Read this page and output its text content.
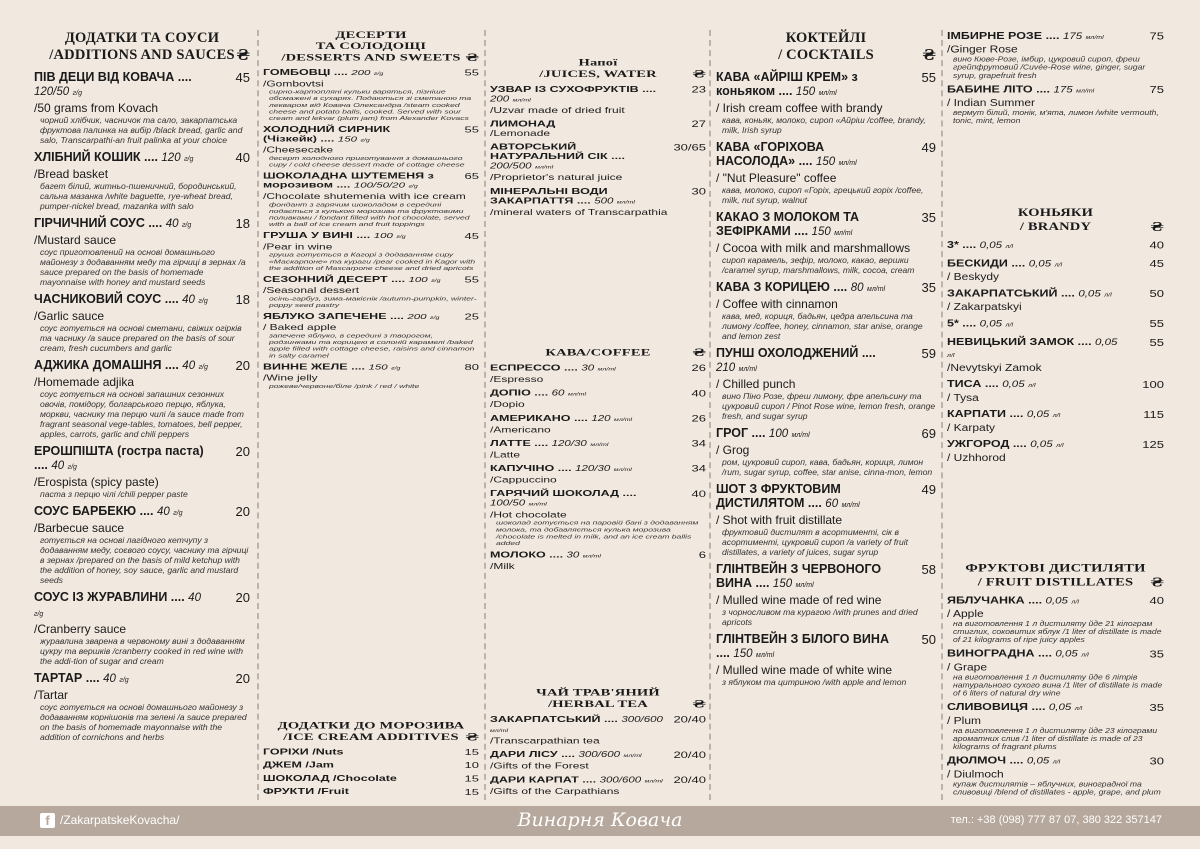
ДОДАТКИ ТА СОУСИ
/ADDITIONS AND SAUCES ₴
ПІВ ДЕЦИ ВІД КОВАЧА .... 120/50 г/g
45
/50 grams from Kovach
чорний хлібчик, часничок та сало, закарпатська фруктова палинка на вибір /black bread, garlic and salo, Transcarpathi-an fruit palinka at your choice
ХЛІБНИЙ КОШИК .... 120 г/g	40
/Bread basket
багет білий, житньо-пшеничний, бородинський, сальна мазанка /white baguette, rye-wheat bread, pumper-nickel bread, mazanka with salo
ГІРЧИЧНИЙ СОУС .... 40 г/g	18
/Mustard sauce
соус приготовлений на основі домашнього майонезу з додаванням меду та гірчиці в зернах /a sauce prepared on the basis of homemade mayonnaise with honey and mustard seeds
ЧАСНИКОВИЙ СОУС .... 40 г/g	18
/Garlic sauce
соус готується на основі сметани, свіжих огірків та часнику /a sauce prepared on the basis of sour cream, fresh cucumbers and garlic
АДЖИКА ДОМАШНЯ .... 40 г/g	20
/Homemade adjika
соус готується на основі запашних сезонних овочів, помідору, болгарського перцю, яблука, моркви, часнику та перцю чилі /a sauce made from fragrant seasonal vege-tables, tomatoes, bell pepper, apples, carrots, garlic and chili peppers
ЕРОШПІШТА (гостра паста) .... 40 г/g
20
/Erospista (spicy paste)
паста з перцю чілі /chili pepper paste
СОУС БАРБЕКЮ .... 40 г/g	20
/Barbecue sauce
готується на основі лагідного кетчупу з додаванням меду, соєвого соусу, часнику та гірчиці в зернах /prepared on the basis of mild ketchup with the addition of honey, soy sauce, garlic and mustard seeds
СОУС ІЗ ЖУРАВЛИНИ .... 40 г/g
20
/Cranberry sauce
журавлина зварена в червоному вині з додаванням цукру та вершків /cranberry cooked in red wine with the addi-tion of sugar and cream
ТАРТАР .... 40 г/g	20
/Tartar
соус готується на основі домашнього майонезу з додаванням корнішонів та зелені /a sauce prepared on the basis of homemade mayonnaise with the addition of cornichons and herbs
ДЕСЕРТИ
ТА СОЛОДОЩІ
/DESSERTS AND SWEETS ₴
ГОМБОВЦІ .... 200 г/g	55
/Gombovtsi
сирно-картопляні кульки варяться, пізніше обсмажені в сухарях. Подаються зі сметаною та лекваром від Ковача Олександра /steam cooked cheese and potato balls, cooked. Served with sour cream and lekvar (plum jam) from Alexander Kovacs
ХОЛОДНИЙ СИРНИК (Чізкейк) .... 150 г/g
55
/Cheesecake
десерт холодного приготування з домашнього сиру / cold cheese dessert made of cottage cheese
ШОКОЛАДНА ШУТЕМЕНЯ з морозивом .... 100/50/20 г/g
65
/Chocolate shutemenia with ice cream
фондант з гарячим шоколадом в середині подається з кулькою морозива та фруктовими поливками / fondant filled with hot chocolate, served with a ball of ice cream and fruit toppings
ГРУША У ВИНІ .... 100 г/g	45
/Pear in wine
груша готується в Кагорі з додаванням сиру «Маскарпоне» та кураги /pear cooked in Kagor with the addition of Mascarpone cheese and dried apricots
СЕЗОННИЙ ДЕСЕРТ .... 100 г/g	55
/Seasonal dessert
осінь-гарбуз, зима-макієнік /autumn-pumpkin, winter-poppy seed pastry
ЯБЛУКО ЗАПЕЧЕНЕ .... 200 г/g	25
/ Baked apple
запечене яблуко, в середині з творогом, родзинками та корицею в солоній карамелі /baked apple filled with cottage cheese, raisins and cinnamon in salty caramel
ВИННЕ ЖЕЛЕ .... 150 г/g	80
/Wine jelly
рожеве/червоне/біле /pink / red / white
ДОДАТКИ ДО МОРОЗИВА
/ICE CREAM ADDITIVES ₴
ГОРІХИ /Nuts	15
ДЖЕМ /Jam	10
ШОКОЛАД /Chocolate	15
ФРУКТИ /Fruit	15
Напої
/JUICES, WATER	₴
УЗВАР ІЗ СУХОФРУКТІВ .... 200 мл/ml
23
/Uzvar made of dried fruit
ЛИМОНАД	27
/Lemonade
АВТОРСЬКИЙ НАТУРАЛЬНИЙ СІК .... 200/500 мл/ml
30/65
/Proprietor's natural juice
МІНЕРАЛЬНІ ВОДИ ЗАКАРПАТТЯ .... 500 мл/ml
30
/mineral waters of Transcarpathia
КАВА/COFFEE	₴
ЕСПРЕССО .... 30 мл/ml	26
/Espresso
ДОПІО .... 60 мл/ml	40
/Dopio
АМЕРИКАНО .... 120 мл/ml	26
/Americano
ЛАТТЕ .... 120/30 мл/ml	34
/Latte
КАПУЧІНО .... 120/30 мл/ml	34
/Cappuccino
ГАРЯЧИЙ ШОКОЛАД .... 100/50 мл/ml
40
/Hot chocolate
шоколад готується на паровій бані з додаванням молока, та добавляється кулька морозива /chocolate is melted in milk, and an ice cream ballis added
МОЛОКО .... 30 мл/ml	6
/Milk
ЧАЙ ТРАВ'ЯНИЙ
/HERBAL TEA	₴
ЗАКАРПАТСЬКИЙ .... 300/600 мл/ml
20/40
/Transcarpathian tea
ДАРИ ЛІСУ .... 300/600 мл/ml	20/40
/Gifts of the Forest
ДАРИ КАРПАТ .... 300/600 мл/ml 20/40
/Gifts of the Carpathians
КОКТЕЙЛІ
/ COCKTAILS	₴
КАВА «АЙРІШ КРЕМ» з коньяком .... 150 мл/ml
55
/ Irish cream coffee with brandy
кава, коньяк, молоко, сироп «Айріш /coffee, brandy, milk, Irish syrup
КАВА «ГОРІХОВА НАСОЛОДА» .... 150 мл/ml
49
/ "Nut Pleasure" coffee
кава, молоко, сироп «Горіх, грецький горіх /coffee, milk, nut syrup, walnut
КАКАО З МОЛОКОМ ТА ЗЕФІРКАМИ .... 150 мл/ml
35
/ Cocoa with milk and marshmallows
сироп карамель, зефір, молоко, какао, вершки /caramel syrup, marshmallows, milk, cocoa, cream
КАВА З КОРИЦЕЮ .... 80 мл/ml	35
/ Coffee with cinnamon
кава, мед, кориця, бадьян, цедра апельсина та лимону /coffee, honey, cinnamon, star anise, orange and lemon zest
ПУНШ ОХОЛОДЖЕНИЙ .... 210 мл/ml
59
/ Chilled punch
вино Піно Розе, фреш лимону, фре апельсину та цукровий сироп / Pinot Rose wine, lemon fresh, orange fresh, and sugar syrup
ГРОГ .... 100 мл/ml	69
/ Grog
ром, цукровий сироп, кава, бадьян, кориця, лимон /rum, sugar syrup, coffee, star anise, cinna-mon, lemon
ШОТ З ФРУКТОВИМ ДИСТИЛЯТОМ .... 60 мл/ml
49
/ Shot with fruit distillate
фруктовий дистилят в асортименті, сік в асортименті, цукровий сироп /a variety of fruit distillates, a variety of juices, sugar syrup
ГЛІНТВЕЙН З ЧЕРВОНОГО ВИНА .... 150 мл/ml
58
/ Mulled wine made of red wine
з чорносливом та курагою /with prunes and dried apricots
ГЛІНТВЕЙН З БІЛОГО ВИНА .... 150 мл/ml
50
/ Mulled wine made of white wine
з яблуком та цитриною /with apple and lemon
ІМБИРНЕ РОЗЕ .... 175 мл/ml	75
/Ginger Rose
вино Кюве-Розе, імбир, цукровий сироп, фреш грейпфрутовий /Cuvée-Rose wine, ginger, sugar syrup, grapefruit fresh
БАБИНЕ ЛІТО .... 175 мл/ml	75
/ Indian Summer
вермут білий, тонік, м'ята, лимон /white vermouth, tonic, mint, lemon
КОНЬЯКИ
/ BRANDY	₴
3* .... 0,05 л/l	40
БЕСКИДИ .... 0,05 л/l	45
/ Beskydy
ЗАКАРПАТСЬКИЙ .... 0,05 л/l	50
/ Zakarpatskyi
5* .... 0,05 л/l	55
НЕВИЦЬКИЙ ЗАМОК .... 0,05 л/l
55
/Nevytskyi Zamok
ТИСА .... 0,05 л/l	100
/ Tysa
КАРПАТИ .... 0,05 л/l	115
/ Karpaty
УЖГОРОД .... 0,05 л/l	125
/ Uzhhorod
ФРУКТОВІ ДИСТИЛЯТИ
/ FRUIT DISTILLATES	₴
ЯБЛУЧАНКА .... 0,05 л/l	40
/ Apple
на виготовлення 1 л дистиляту йде 21 кілограм стиглих, соковитих яблук /1 liter of distillate is made of 21 kilograms of ripe juicy apples
ВИНОГРАДНА .... 0,05 л/l	35
/ Grape
на виготовлення 1 л дистиляту йде 6 літрів натурального сухого вина /1 liter of distillate is made of 6 liters of natural dry wine
СЛИВОВИЦЯ .... 0,05 л/l	35
/ Plum
на виготовлення 1 л дистиляту йде 23 кілограми ароматних слив /1 liter of distillate is made of 23 kilograms of fragrant plums
ДЮЛМОЧ .... 0,05 л/l	30
/ Diulmoch
купаж дистилятів – яблучних, виноградної та сливовиці /blend of distillates - apple, grape, and plum
f /ZakarpatskeKovacha/	Винарня Ковача	тел.: +38 (098) 777 87 07, 380 322 357147
